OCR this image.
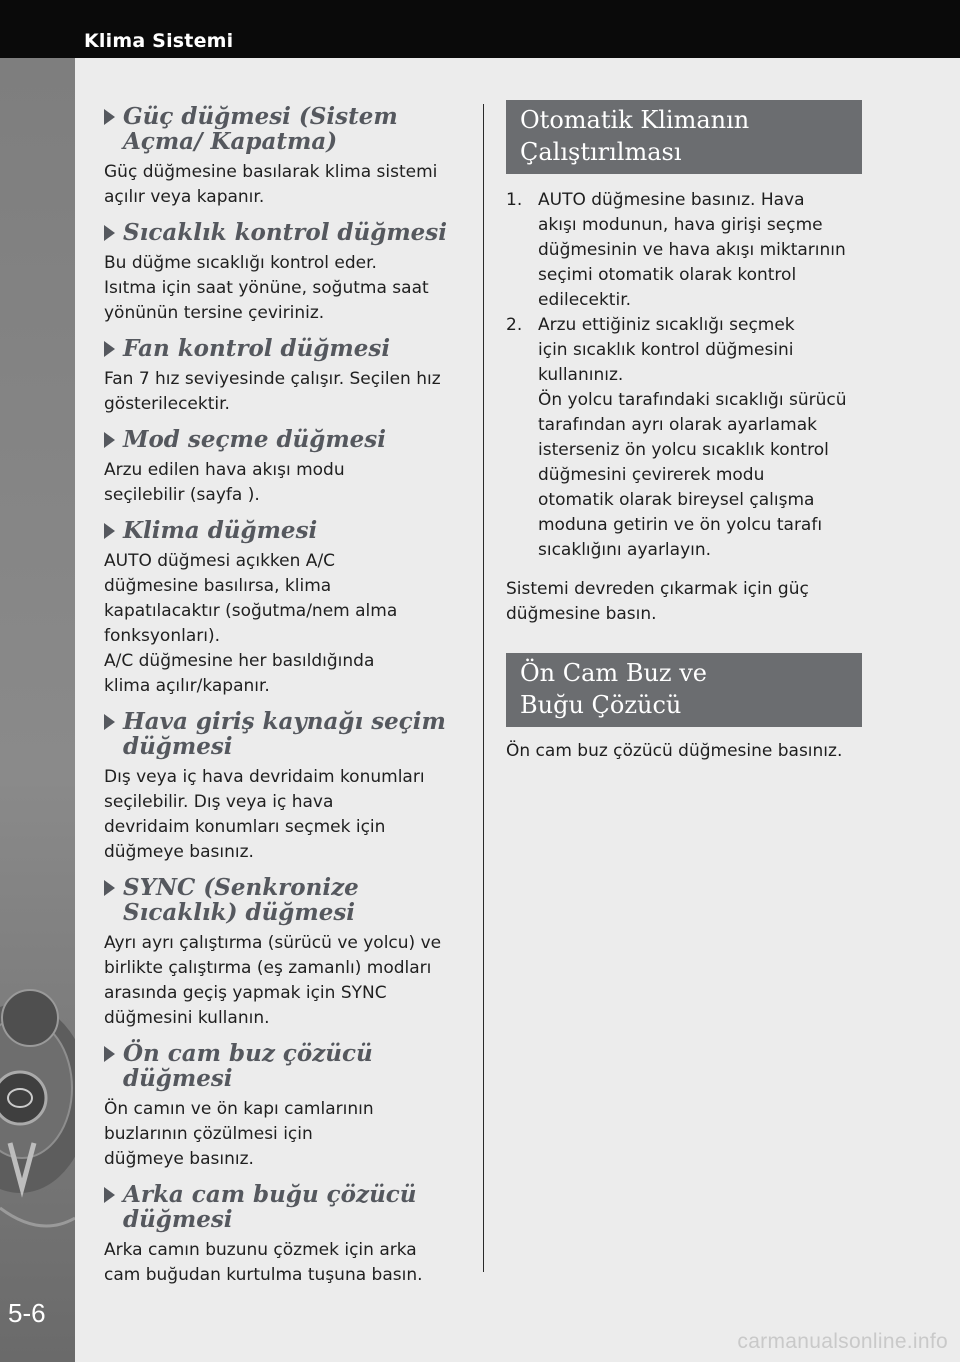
Klima Sistemi
5-6
Güç düğmesi (Sistem Açma/ Kapatma)
Güç düğmesine basılarak klima sistemi
açılır veya kapanır.
Sıcaklık kontrol düğmesi
Bu düğme sıcaklığı kontrol eder.
Isıtma için saat yönüne, soğutma saat
yönünün tersine çeviriniz.
Fan kontrol düğmesi
Fan 7 hız seviyesinde çalışır. Seçilen hız
gösterilecektir.
Mod seçme düğmesi
Arzu edilen hava akışı modu
seçilebilir (sayfa ).
Klima düğmesi
AUTO düğmesi açıkken A/C
düğmesine basılırsa, klima
kapatılacaktır (soğutma/nem alma
fonksyonları).
A/C düğmesine her basıldığında
klima açılır/kapanır.
Hava giriş kaynağı seçim düğmesi
Dış veya iç hava devridaim konumları
seçilebilir. Dış veya iç hava
devridaim konumları seçmek için
düğmeye basınız.
SYNC (Senkronize Sıcaklık) düğmesi
Ayrı ayrı çalıştırma (sürücü ve yolcu) ve
birlikte çalıştırma (eş zamanlı) modları
arasında geçiş yapmak için SYNC
düğmesini kullanın.
Ön cam buz çözücü düğmesi
Ön camın ve ön kapı camlarının
buzlarının çözülmesi için
düğmeye basınız.
Arka cam buğu çözücü düğmesi
Arka camın buzunu çözmek için arka
cam buğudan kurtulma tuşuna basın.
Otomatik Klimanın
Çalıştırılması
1. AUTO düğmesine basınız. Hava
akışı modunun, hava girişi seçme
düğmesinin ve hava akışı miktarının
seçimi otomatik olarak kontrol
edilecektir.
2. Arzu ettiğiniz sıcaklığı seçmek
için sıcaklık kontrol düğmesini
kullanınız.
Ön yolcu tarafındaki sıcaklığı sürücü
tarafından ayrı olarak ayarlamak
isterseniz ön yolcu sıcaklık kontrol
düğmesini çevirerek modu
otomatik olarak bireysel çalışma
moduna getirin ve ön yolcu tarafı
sıcaklığını ayarlayın.
Sistemi devreden çıkarmak için güç
düğmesine basın.
Ön Cam Buz ve
Buğu Çözücü
Ön cam buz çözücü düğmesine basınız.
carmanualsonline.info
